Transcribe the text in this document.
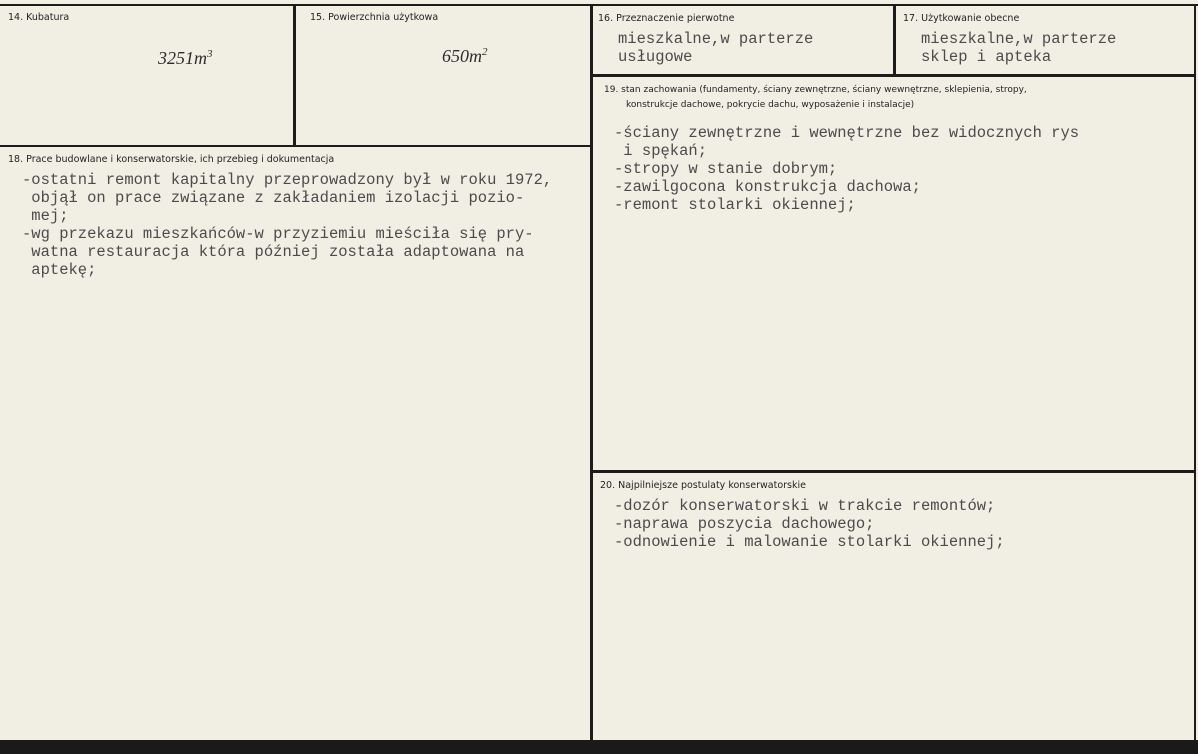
14. Kubatura
$3251m^3$
15. Powierzchnia użytkowa
$650m^2$
16. Przeznaczenie pierwotne
mieszkalne,w parterze
usługowe
17. Użytkowanie obecne
mieszkalne,w parterze
sklep i apteka
18. Prace budowlane i konserwatorskie, ich przebieg i dokumentacja
-ostatni remont kapitalny przeprowadzony był w roku 1972,
objął on prace związane z zakładaniem izolacji pozio-
mej;
-wg przekazu mieszkańców-w przyziemiu mieściła się pry-
watna restauracja która później została adaptowana na
aptekę;
19. stan zachowania (fundamenty, ściany zewnętrzne, ściany wewnętrzne, sklepienia, stropy,
konstrukcje dachowe, pokrycie dachu, wyposażenie i instalacje)
-ściany zewnętrzne i wewnętrzne bez widocznych rys
i spękań;
-stropy w stanie dobrym;
-zawilgocona konstrukcja dachowa;
-remont stolarki okiennej;
20. Najpilniejsze postulaty konserwatorskie
-dozór konserwatorski w trakcie remontów;
-naprawa poszycia dachowego;
-odnowienie i malowanie stolarki okiennej;
